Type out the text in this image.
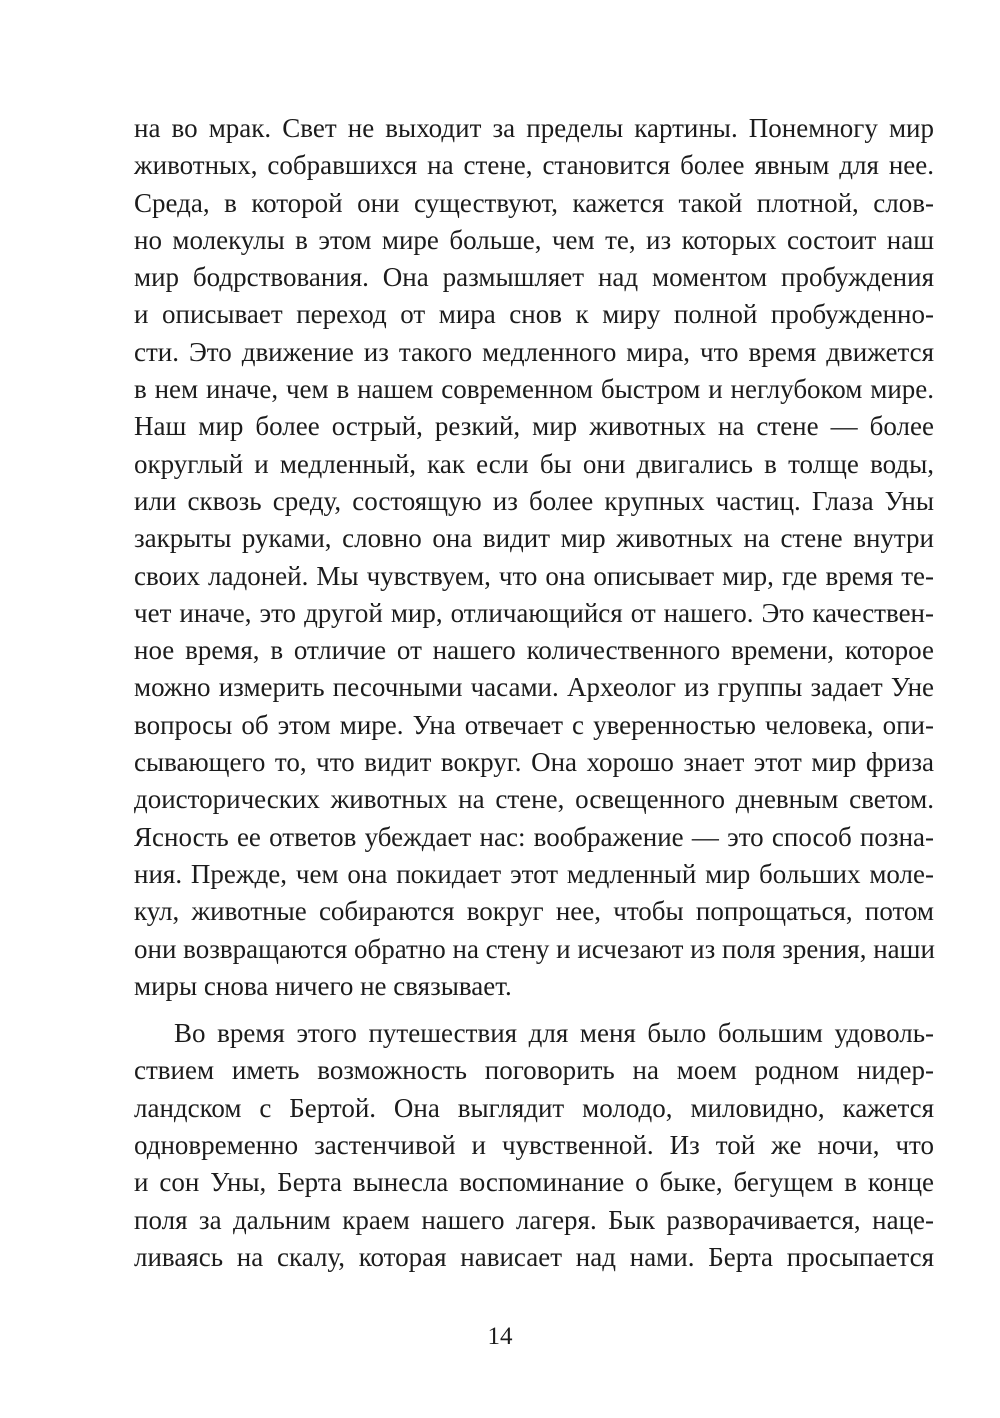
на во мрак. Свет не выходит за пределы картины. Понемногу мир
животных, собравшихся на стене, становится более явным для нее.
Среда, в которой они существуют, кажется такой плотной, слов-
но молекулы в этом мире больше, чем те, из которых состоит наш
мир бодрствования. Она размышляет над моментом пробуждения
и описывает переход от мира снов к миру полной пробужденно-
сти. Это движение из такого медленного мира, что время движется
в нем иначе, чем в нашем современном быстром и неглубоком мире.
Наш мир более острый, резкий, мир животных на стене — более
округлый и медленный, как если бы они двигались в толще воды,
или сквозь среду, состоящую из более крупных частиц. Глаза Уны
закрыты руками, словно она видит мир животных на стене внутри
своих ладоней. Мы чувствуем, что она описывает мир, где время те-
чет иначе, это другой мир, отличающийся от нашего. Это качествен-
ное время, в отличие от нашего количественного времени, которое
можно измерить песочными часами. Археолог из группы задает Уне
вопросы об этом мире. Уна отвечает с уверенностью человека, опи-
сывающего то, что видит вокруг. Она хорошо знает этот мир фриза
доисторических животных на стене, освещенного дневным светом.
Ясность ее ответов убеждает нас: воображение — это способ позна-
ния. Прежде, чем она покидает этот медленный мир больших моле-
кул, животные собираются вокруг нее, чтобы попрощаться, потом
они возвращаются обратно на стену и исчезают из поля зрения, наши
миры снова ничего не связывает.
Во время этого путешествия для меня было большим удоволь-
ствием иметь возможность поговорить на моем родном нидер-
ландском с Бертой. Она выглядит молодо, миловидно, кажется
одновременно застенчивой и чувственной. Из той же ночи, что
и сон Уны, Берта вынесла воспоминание о быке, бегущем в конце
поля за дальним краем нашего лагеря. Бык разворачивается, наце-
ливаясь на скалу, которая нависает над нами. Берта просыпается
14
